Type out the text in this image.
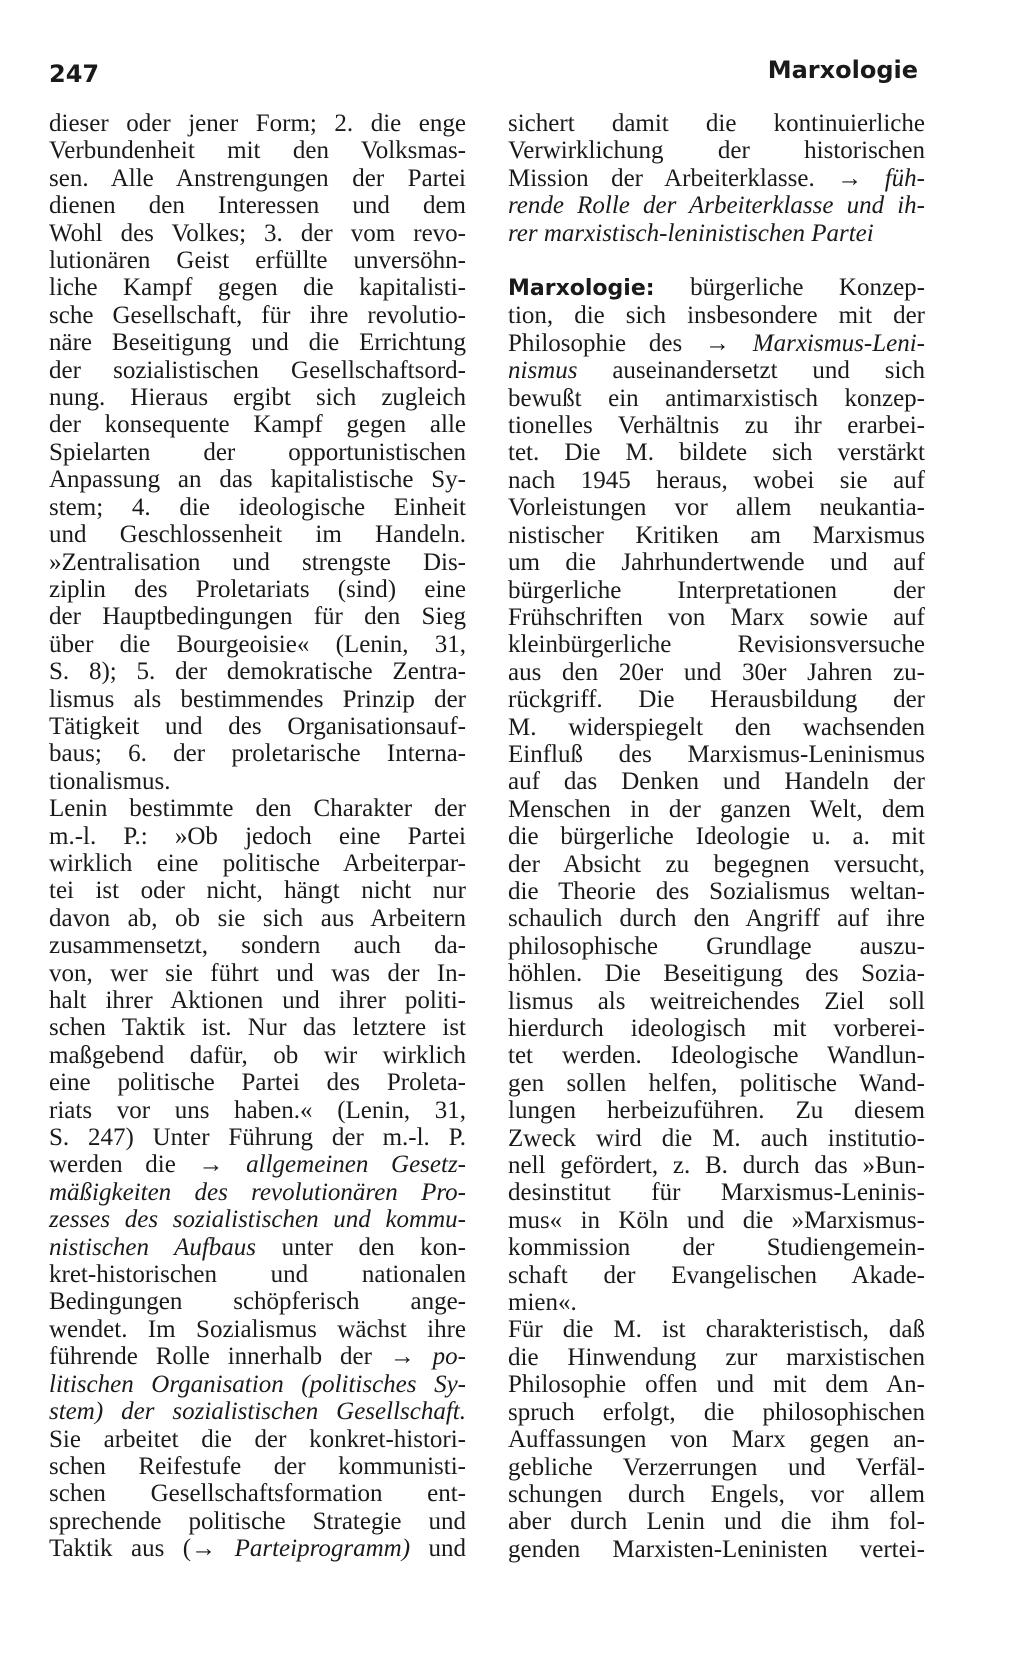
247	Marxologie
dieser oder jener Form; 2. die enge
Verbundenheit mit den Volksmas-
sen. Alle Anstrengungen der Partei
dienen den Interessen und dem
Wohl des Volkes; 3. der vom revo-
lutionären Geist erfüllte unversöhn-
liche Kampf gegen die kapitalisti-
sche Gesellschaft, für ihre revolutio-
näre Beseitigung und die Errichtung
der sozialistischen Gesellschaftsord-
nung. Hieraus ergibt sich zugleich
der konsequente Kampf gegen alle
Spielarten der opportunistischen
Anpassung an das kapitalistische Sy-
stem; 4. die ideologische Einheit
und Geschlossenheit im Handeln.
»Zentralisation und strengste Dis-
ziplin des Proletariats (sind) eine
der Hauptbedingungen für den Sieg
über die Bourgeoisie« (Lenin, 31,
S. 8); 5. der demokratische Zentra-
lismus als bestimmendes Prinzip der
Tätigkeit und des Organisationsauf-
baus; 6. der proletarische Interna-
tionalismus.
Lenin bestimmte den Charakter der
m.-l. P.: »Ob jedoch eine Partei
wirklich eine politische Arbeiterpar-
tei ist oder nicht, hängt nicht nur
davon ab, ob sie sich aus Arbeitern
zusammensetzt, sondern auch da-
von, wer sie führt und was der In-
halt ihrer Aktionen und ihrer politi-
schen Taktik ist. Nur das letztere ist
maßgebend dafür, ob wir wirklich
eine politische Partei des Proleta-
riats vor uns haben.« (Lenin, 31,
S. 247) Unter Führung der m.-l. P.
werden die → allgemeinen Gesetz-
mäßigkeiten des revolutionären Pro-
zesses des sozialistischen und kommu-
nistischen Aufbaus unter den kon-
kret-historischen und nationalen
Bedingungen schöpferisch ange-
wendet. Im Sozialismus wächst ihre
führende Rolle innerhalb der → po-
litischen Organisation (politisches Sy-
stem) der sozialistischen Gesellschaft.
Sie arbeitet die der konkret-histori-
schen Reifestufe der kommunisti-
schen Gesellschaftsformation ent-
sprechende politische Strategie und
Taktik aus (→ Parteiprogramm) und
sichert damit die kontinuierliche
Verwirklichung der historischen
Mission der Arbeiterklasse. → füh-
rende Rolle der Arbeiterklasse und ih-
rer marxistisch-leninistischen Partei
Marxologie: bürgerliche Konzep-
tion, die sich insbesondere mit der
Philosophie des → Marxismus-Leni-
nismus auseinandersetzt und sich
bewußt ein antimarxistisch konzep-
tionelles Verhältnis zu ihr erarbei-
tet. Die M. bildete sich verstärkt
nach 1945 heraus, wobei sie auf
Vorleistungen vor allem neukantia-
nistischer Kritiken am Marxismus
um die Jahrhundertwende und auf
bürgerliche Interpretationen der
Frühschriften von Marx sowie auf
kleinbürgerliche Revisionsversuche
aus den 20er und 30er Jahren zu-
rückgriff. Die Herausbildung der
M. widerspiegelt den wachsenden
Einfluß des Marxismus-Leninismus
auf das Denken und Handeln der
Menschen in der ganzen Welt, dem
die bürgerliche Ideologie u. a. mit
der Absicht zu begegnen versucht,
die Theorie des Sozialismus weltan-
schaulich durch den Angriff auf ihre
philosophische Grundlage auszu-
höhlen. Die Beseitigung des Sozia-
lismus als weitreichendes Ziel soll
hierdurch ideologisch mit vorberei-
tet werden. Ideologische Wandlun-
gen sollen helfen, politische Wand-
lungen herbeizuführen. Zu diesem
Zweck wird die M. auch institutio-
nell gefördert, z. B. durch das »Bun-
desinstitut für Marxismus-Leninis-
mus« in Köln und die »Marxismus-
kommission der Studiengemein-
schaft der Evangelischen Akade-
mien«.
Für die M. ist charakteristisch, daß
die Hinwendung zur marxistischen
Philosophie offen und mit dem An-
spruch erfolgt, die philosophischen
Auffassungen von Marx gegen an-
gebliche Verzerrungen und Verfäl-
schungen durch Engels, vor allem
aber durch Lenin und die ihm fol-
genden Marxisten-Leninisten vertei-
